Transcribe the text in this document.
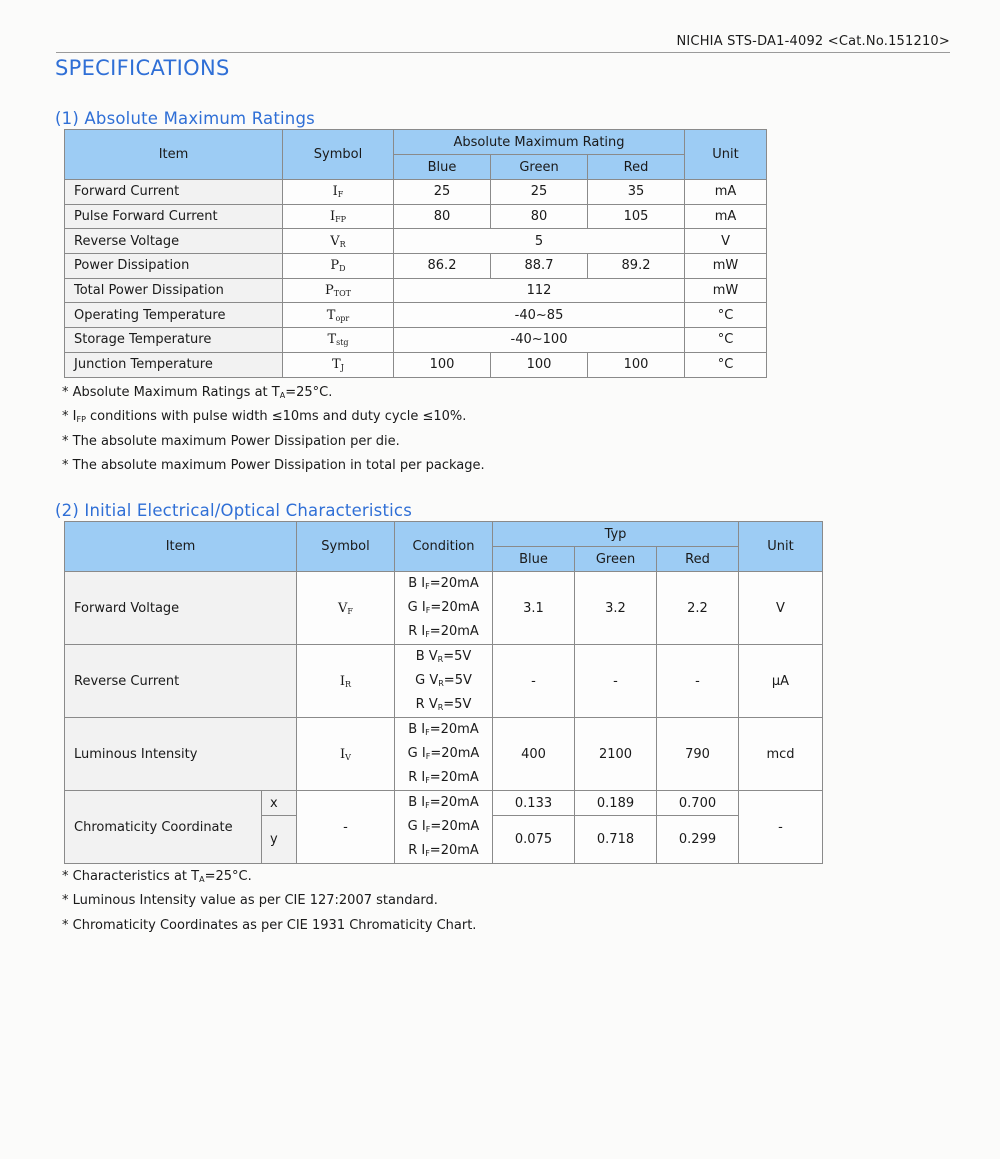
NICHIA STS-DA1-4092 <Cat.No.151210>
SPECIFICATIONS
(1) Absolute Maximum Ratings
Item	Symbol	Absolute Maximum Rating			Unit
		Blue	Green	Red	
Forward Current	$I_F$	25	25	35	mA
Pulse Forward Current	$I_{FP}$	80	80	105	mA
Reverse Voltage	$V_R$	5			V
Power Dissipation	$P_D$	86.2	88.7	89.2	mW
Total Power Dissipation	$P_{TOT}$	112			mW
Operating Temperature	$T_{opr}$	-40~85			°C
Storage Temperature	$T_{stg}$	-40~100			°C
Junction Temperature	$T_J$	100	100	100	°C
* Absolute Maximum Ratings at $T_A=25^\circ C$.
* $I_{FP}$ conditions with pulse width ≤10ms and duty cycle ≤10%.
* The absolute maximum Power Dissipation per die.
* The absolute maximum Power Dissipation in total per package.
(2) Initial Electrical/Optical Characteristics
Item		Symbol	Condition	Typ			Unit
				Blue	Green	Red	
Forward Voltage		$V_F$	B $I_F=20mA$
G $I_F=20mA$
R $I_F=20mA$	3.1	3.2	2.2	V
Reverse Current		$I_R$	B $V_R=5V$
G $V_R=5V$
R $V_R=5V$	-	-	-	μA
Luminous Intensity		$I_V$	B $I_F=20mA$
G $I_F=20mA$
R $I_F=20mA$	400	2100	790	mcd
Chromaticity Coordinate	x	-	B $I_F=20mA$
G $I_F=20mA$
R $I_F=20mA$	0.133	0.189	0.700	-
	y			0.075	0.718	0.299	
* Characteristics at $T_A=25^\circ C$.
* Luminous Intensity value as per CIE 127:2007 standard.
* Chromaticity Coordinates as per CIE 1931 Chromaticity Chart.
